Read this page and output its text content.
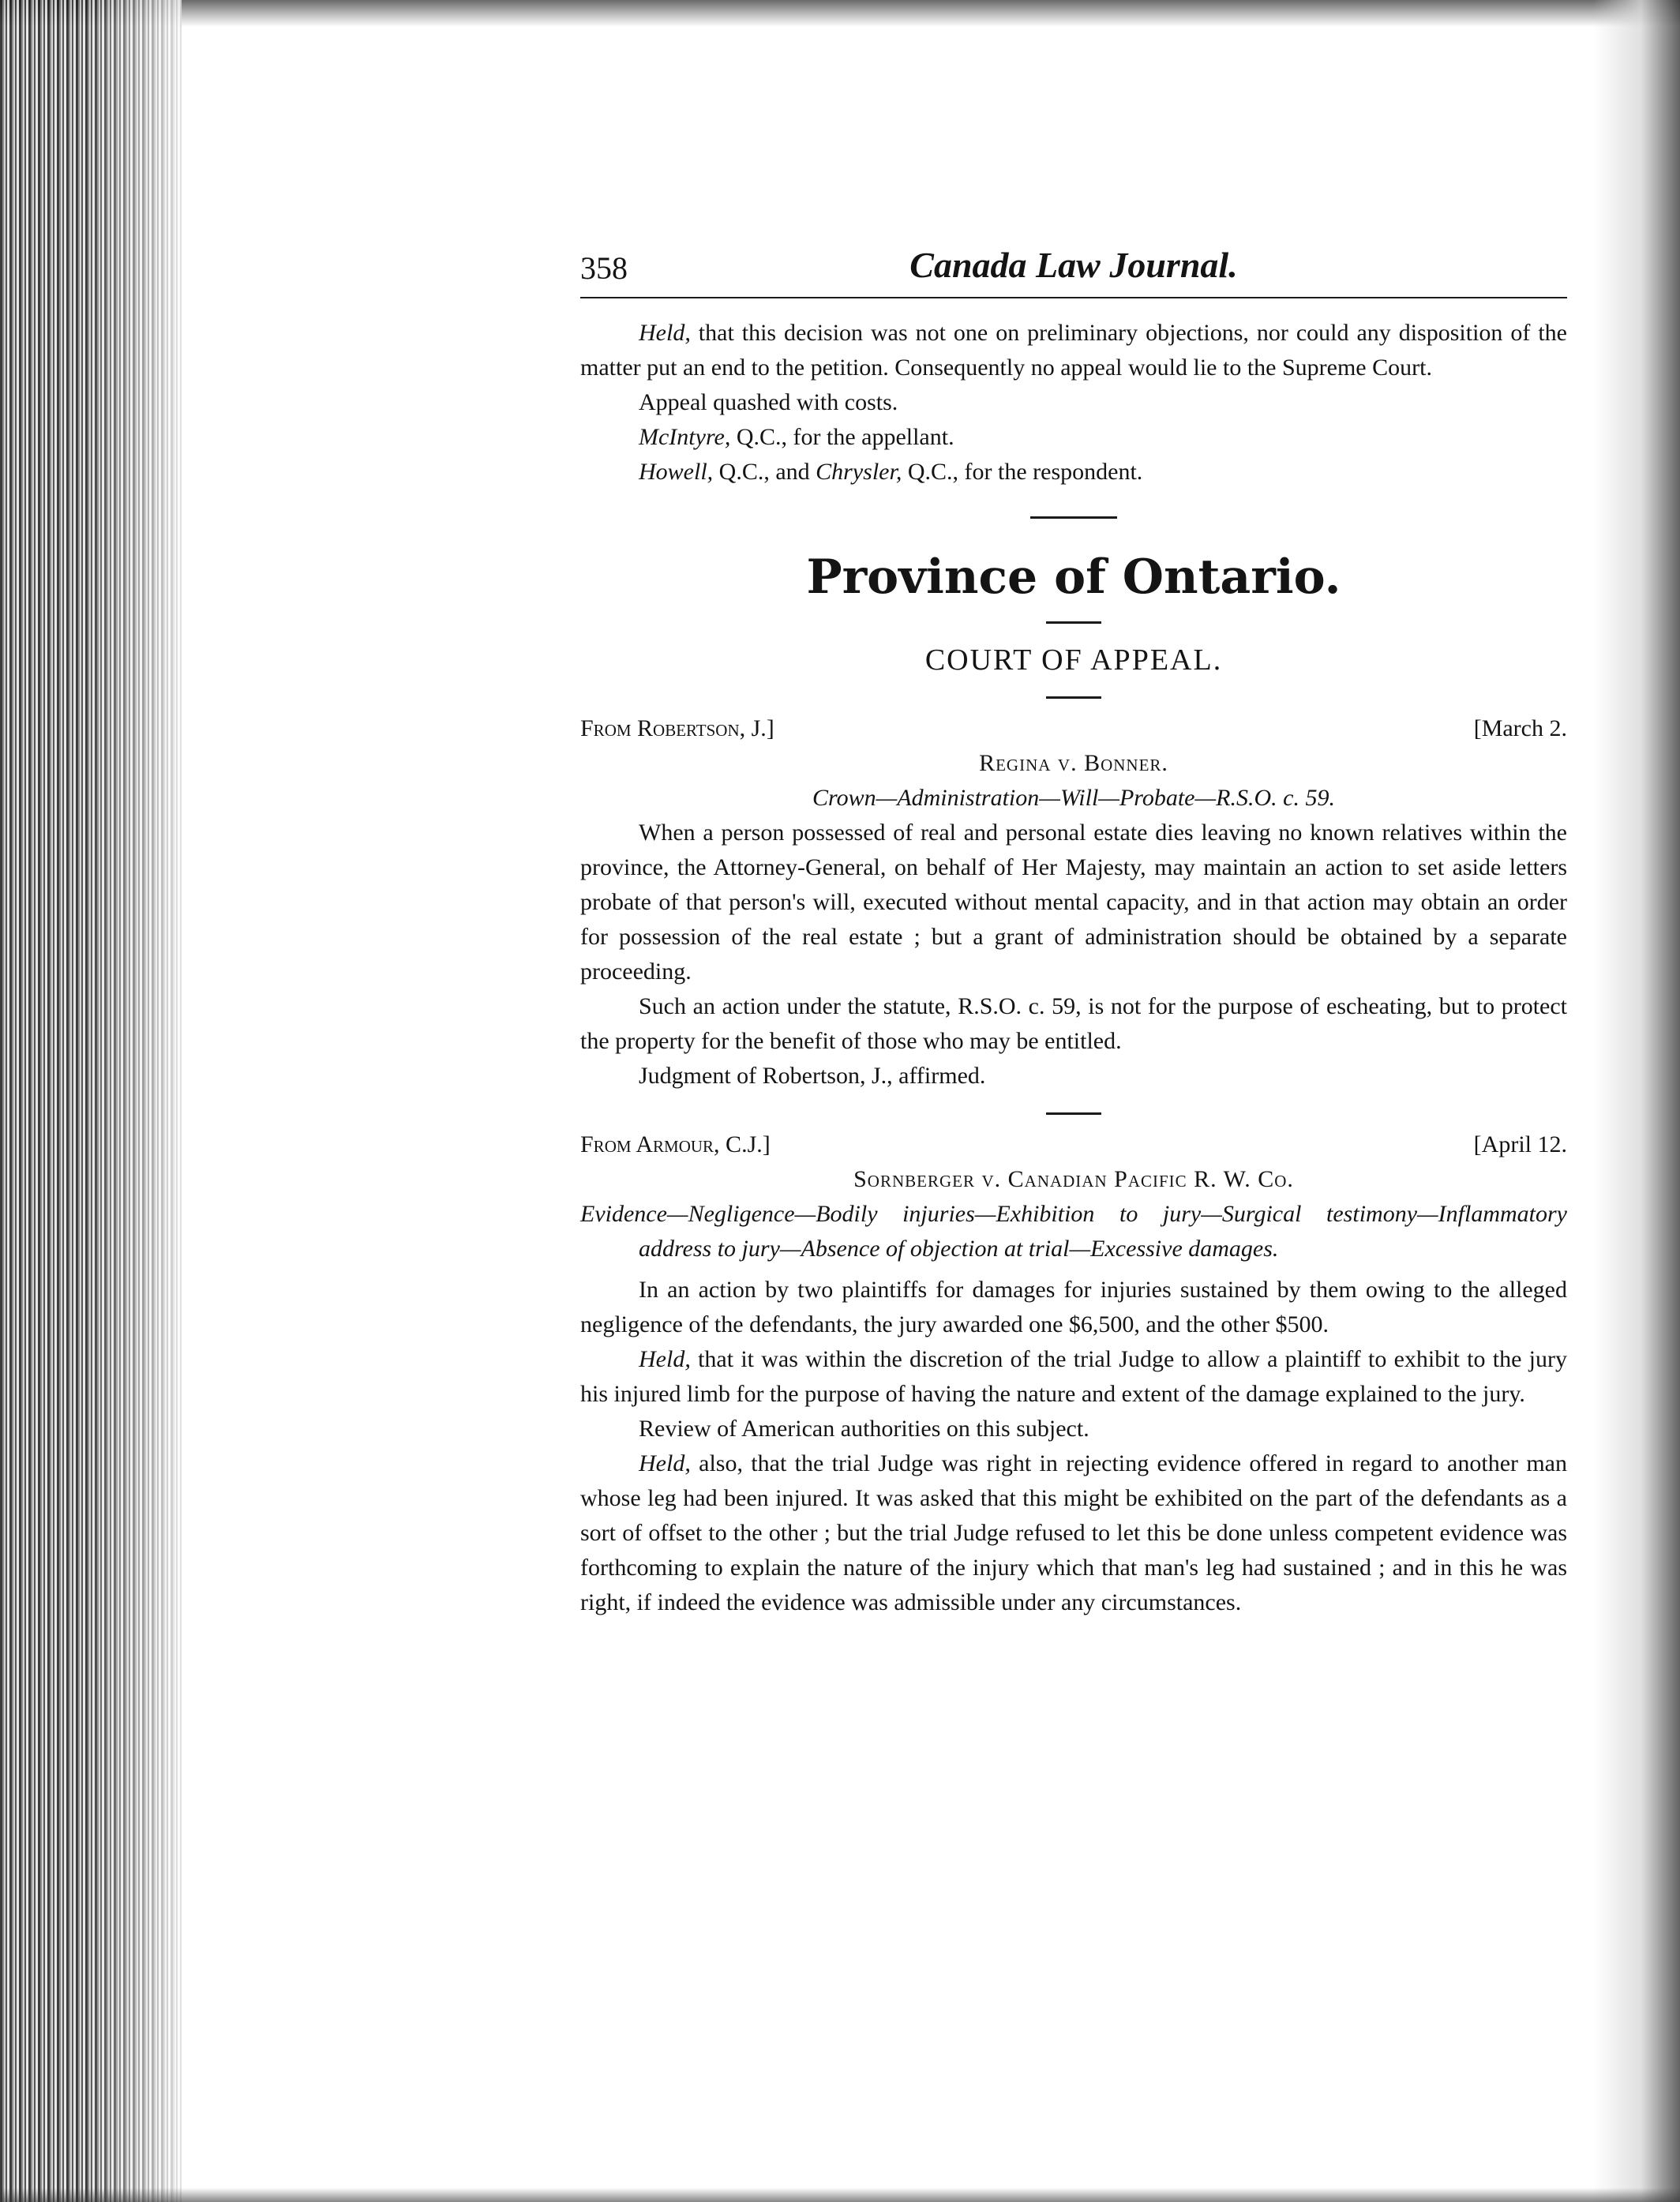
358	Canada Law Journal.

Held, that this decision was not one on preliminary objections, nor could any disposition of the matter put an end to the petition. Consequently no appeal would lie to the Supreme Court.

Appeal quashed with costs.

McIntyre, Q.C., for the appellant.

Howell, Q.C., and Chrysler, Q.C., for the respondent.

Province of Ontario.
COURT OF APPEAL.
From Robertson, J.]	[March 2.
Regina v. Bonner.
Crown—Administration—Will—Probate—R.S.O. c. 59.

When a person possessed of real and personal estate dies leaving no known relatives within the province, the Attorney-General, on behalf of Her Majesty, may maintain an action to set aside letters probate of that person's will, executed without mental capacity, and in that action may obtain an order for possession of the real estate ; but a grant of administration should be obtained by a separate proceeding.

Such an action under the statute, R.S.O. c. 59, is not for the purpose of escheating, but to protect the property for the benefit of those who may be entitled.

Judgment of Robertson, J., affirmed.

From Armour, C.J.]	[April 12.
Sornberger v. Canadian Pacific R. W. Co.
Evidence—Negligence—Bodily injuries—Exhibition to jury—Surgical testimony—Inflammatory address to jury—Absence of objection at trial—Excessive damages.

In an action by two plaintiffs for damages for injuries sustained by them owing to the alleged negligence of the defendants, the jury awarded one $6,500, and the other $500.

Held, that it was within the discretion of the trial Judge to allow a plaintiff to exhibit to the jury his injured limb for the purpose of having the nature and extent of the damage explained to the jury.

Review of American authorities on this subject.

Held, also, that the trial Judge was right in rejecting evidence offered in regard to another man whose leg had been injured. It was asked that this might be exhibited on the part of the defendants as a sort of offset to the other ; but the trial Judge refused to let this be done unless competent evidence was forthcoming to explain the nature of the injury which that man's leg had sustained ; and in this he was right, if indeed the evidence was admissible under any circumstances.
